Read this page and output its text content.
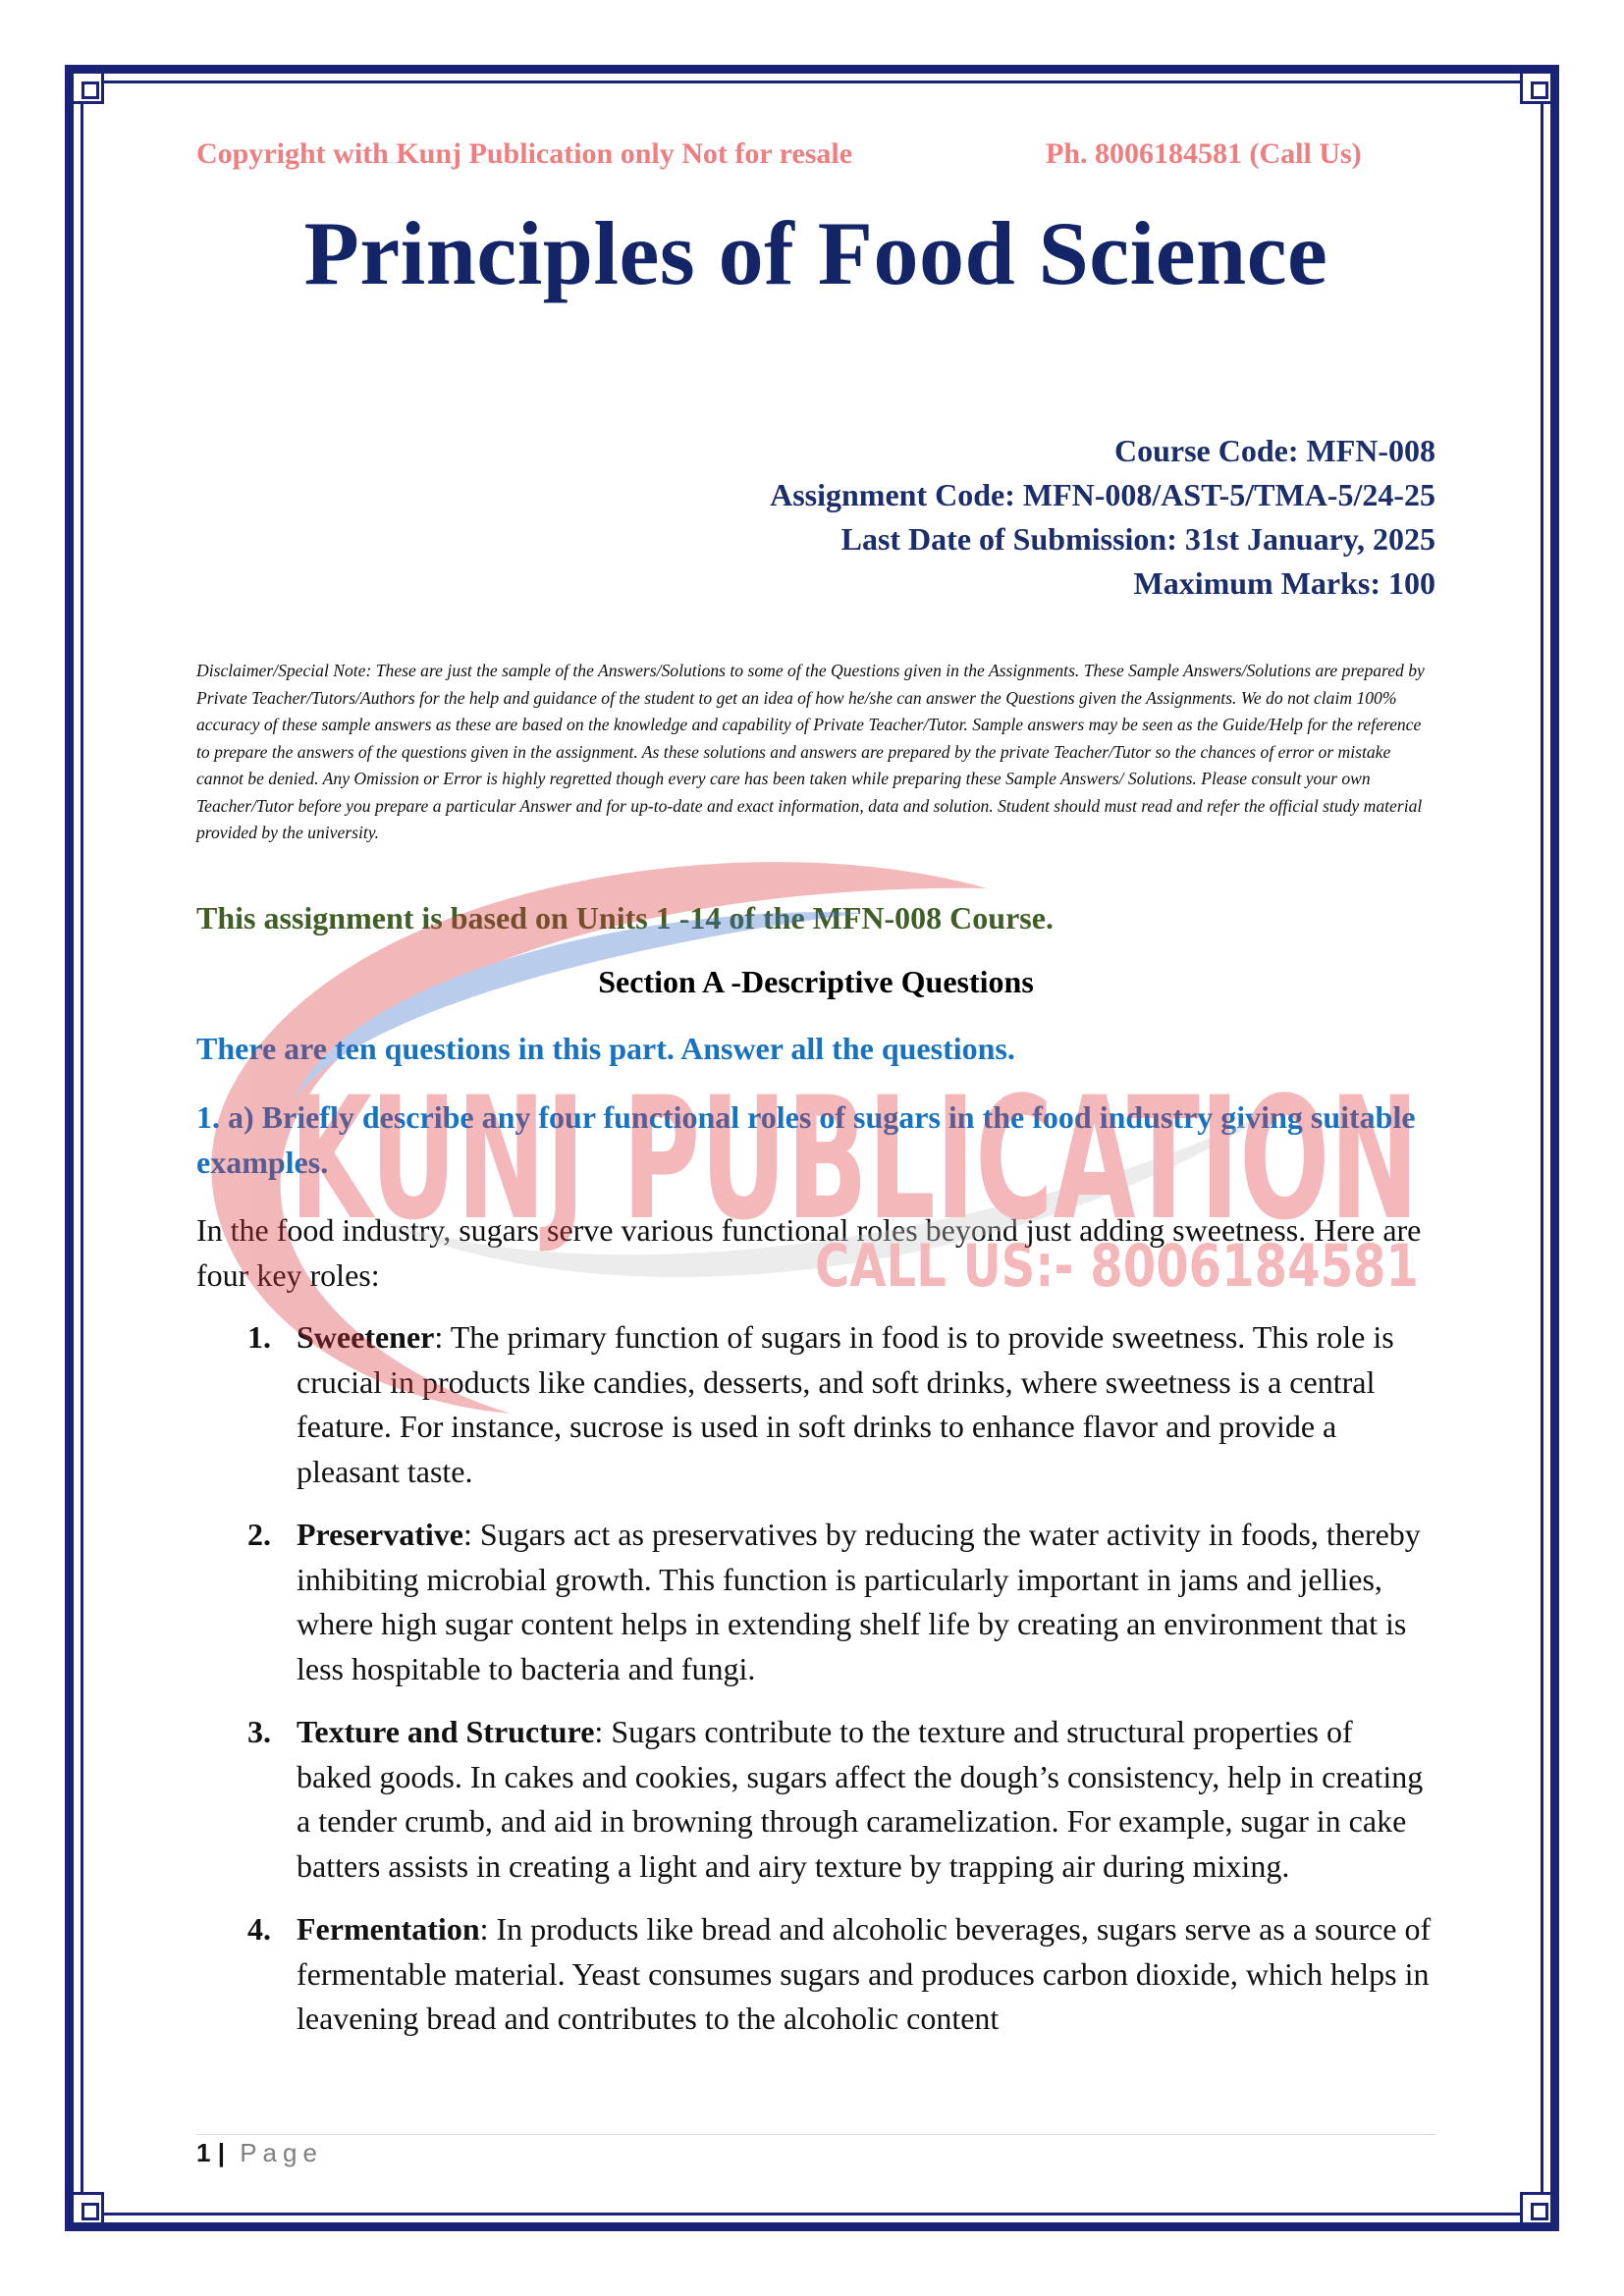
Copyright with Kunj Publication only Not for resale	Ph. 8006184581 (Call Us)
Principles of Food Science
Course Code: MFN-008
Assignment Code: MFN-008/AST-5/TMA-5/24-25
Last Date of Submission: 31st January, 2025
Maximum Marks: 100
Disclaimer/Special Note: These are just the sample of the Answers/Solutions to some of the Questions given in the Assignments. These Sample Answers/Solutions are prepared by Private Teacher/Tutors/Authors for the help and guidance of the student to get an idea of how he/she can answer the Questions given the Assignments. We do not claim 100% accuracy of these sample answers as these are based on the knowledge and capability of Private Teacher/Tutor. Sample answers may be seen as the Guide/Help for the reference to prepare the answers of the questions given in the assignment. As these solutions and answers are prepared by the private Teacher/Tutor so the chances of error or mistake cannot be denied. Any Omission or Error is highly regretted though every care has been taken while preparing these Sample Answers/ Solutions. Please consult your own Teacher/Tutor before you prepare a particular Answer and for up-to-date and exact information, data and solution. Student should must read and refer the official study material provided by the university.
This assignment is based on Units 1 -14 of the MFN-008 Course.
Section A -Descriptive Questions
There are ten questions in this part. Answer all the questions.
1. a) Briefly describe any four functional roles of sugars in the food industry giving suitable examples.
In the food industry, sugars serve various functional roles beyond just adding sweetness. Here are four key roles:
1. Sweetener: The primary function of sugars in food is to provide sweetness. This role is crucial in products like candies, desserts, and soft drinks, where sweetness is a central feature. For instance, sucrose is used in soft drinks to enhance flavor and provide a pleasant taste.
2. Preservative: Sugars act as preservatives by reducing the water activity in foods, thereby inhibiting microbial growth. This function is particularly important in jams and jellies, where high sugar content helps in extending shelf life by creating an environment that is less hospitable to bacteria and fungi.
3. Texture and Structure: Sugars contribute to the texture and structural properties of baked goods. In cakes and cookies, sugars affect the dough’s consistency, help in creating a tender crumb, and aid in browning through caramelization. For example, sugar in cake batters assists in creating a light and airy texture by trapping air during mixing.
4. Fermentation: In products like bread and alcoholic beverages, sugars serve as a source of fermentable material. Yeast consumes sugars and produces carbon dioxide, which helps in leavening bread and contributes to the alcoholic content
KUNJ PUBLICATION
CALL US:- 8006184581
1 | Page
